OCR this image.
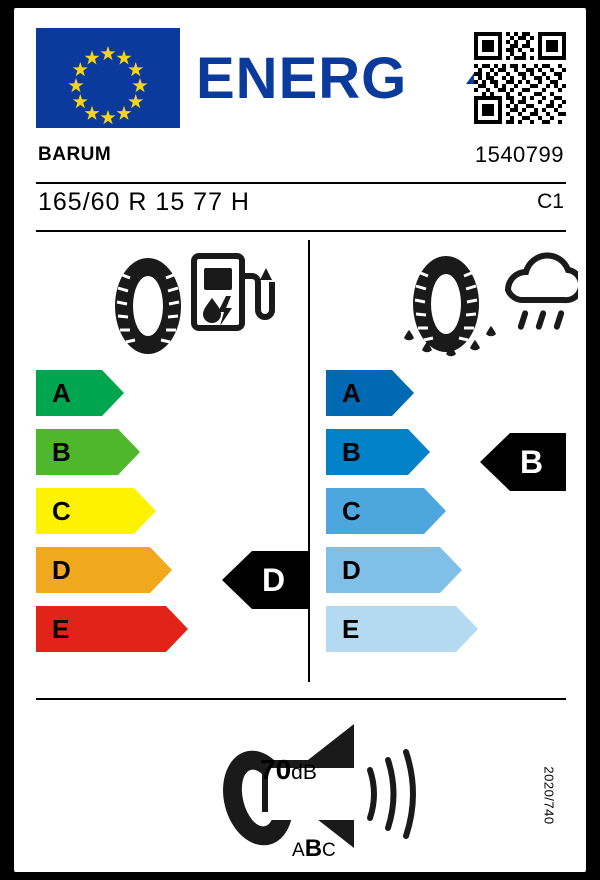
ENERG
BARUM	1540799
165/60 R 15 77 H	C1
A
B
C
D
E
D
A
B
C
D
E
B
2020/740
70dB
ABC
